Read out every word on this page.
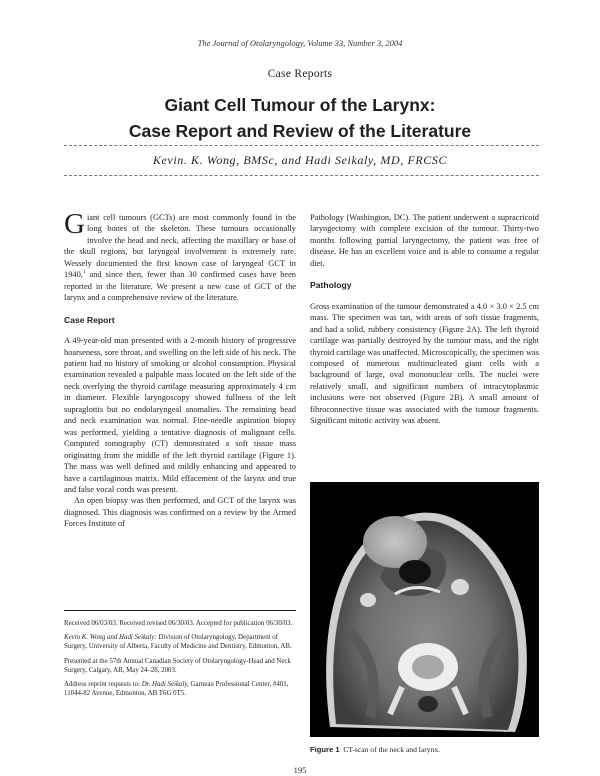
The Journal of Otolaryngology, Volume 33, Number 3, 2004
Case Reports
Giant Cell Tumour of the Larynx:
Case Report and Review of the Literature
Kevin. K. Wong, BMSc, and Hadi Seikaly, MD, FRCSC

Giant cell tumours (GCTs) are most commonly found in the long bones of the skeleton. These tumours occasionally involve the head and neck, affecting the maxillary or base of the skull regions, but laryngeal involvement is extremely rare. Wessely documented the first known case of laryngeal GCT in 1940,$^1$ and since then, fewer than 30 confirmed cases have been reported in the literature. We present a new case of GCT of the larynx and a comprehensive review of the literature.

Case Report

A 49-year-old man presented with a 2-month history of progressive hoarseness, sore throat, and swelling on the left side of his neck. The patient had no history of smoking or alcohol consumption. Physical examination revealed a palpable mass located on the left side of the neck overlying the thyroid cartilage measuring approximately 4 cm in diameter. Flexible laryngoscopy showed fullness of the left supraglottis but no endolaryngeal anomalies. The remaining head and neck examination was normal. Fine-needle aspiration biopsy was performed, yielding a tentative diagnosis of malignant cells. Computed tomography (CT) demonstrated a soft tissue mass originating from the middle of the left thyroid cartilage (Figure 1). The mass was well defined and mildly enhancing and appeared to have a cartilaginous matrix. Mild effacement of the larynx and true and false vocal cords was present.

An open biopsy was then performed, and GCT of the larynx was diagnosed. This diagnosis was confirmed on a review by the Armed Forces Institute of

Received 06/03/03. Received revised 06/30/03. Accepted for publication 06/30/03.

Kevin K. Wong and Hadi Seikaly: Division of Otolaryngology, Department of Surgery, University of Alberta, Faculty of Medicine and Dentistry, Edmonton, AB.

Presented at the 57th Annual Canadian Society of Otolaryngology-Head and Neck Surgery, Calgary, AB, May 24–28, 2003.

Address reprint requests to: Dr. Hadi Seikaly, Garneau Professional Center, #401, 11044-82 Avenue, Edmonton, AB T6G 0T5.

Pathology (Washington, DC). The patient underwent a supracricoid laryngectomy with complete excision of the tumour. Thirty-two months following partial laryngectomy, the patient was free of disease. He has an excellent voice and is able to consume a regular diet.

Pathology

Gross examination of the tumour demonstrated a 4.0 × 3.0 × 2.5 cm mass. The specimen was tan, with areas of soft tissue fragments, and had a solid, rubbery consistency (Figure 2A). The left thyroid cartilage was partially destroyed by the tumour mass, and the right thyroid cartilage was unaffected. Microscopically, the specimen was composed of numerous multinucleated giant cells with a background of large, oval mononuclear cells. The nuclei were relatively small, and significant numbers of intracytoplasmic inclusions were not observed (Figure 2B). A small amount of fibroconnective tissue was associated with the tumour fragments. Significant mitotic activity was absent.

Figure 1 CT-scan of the neck and larynx.
195
